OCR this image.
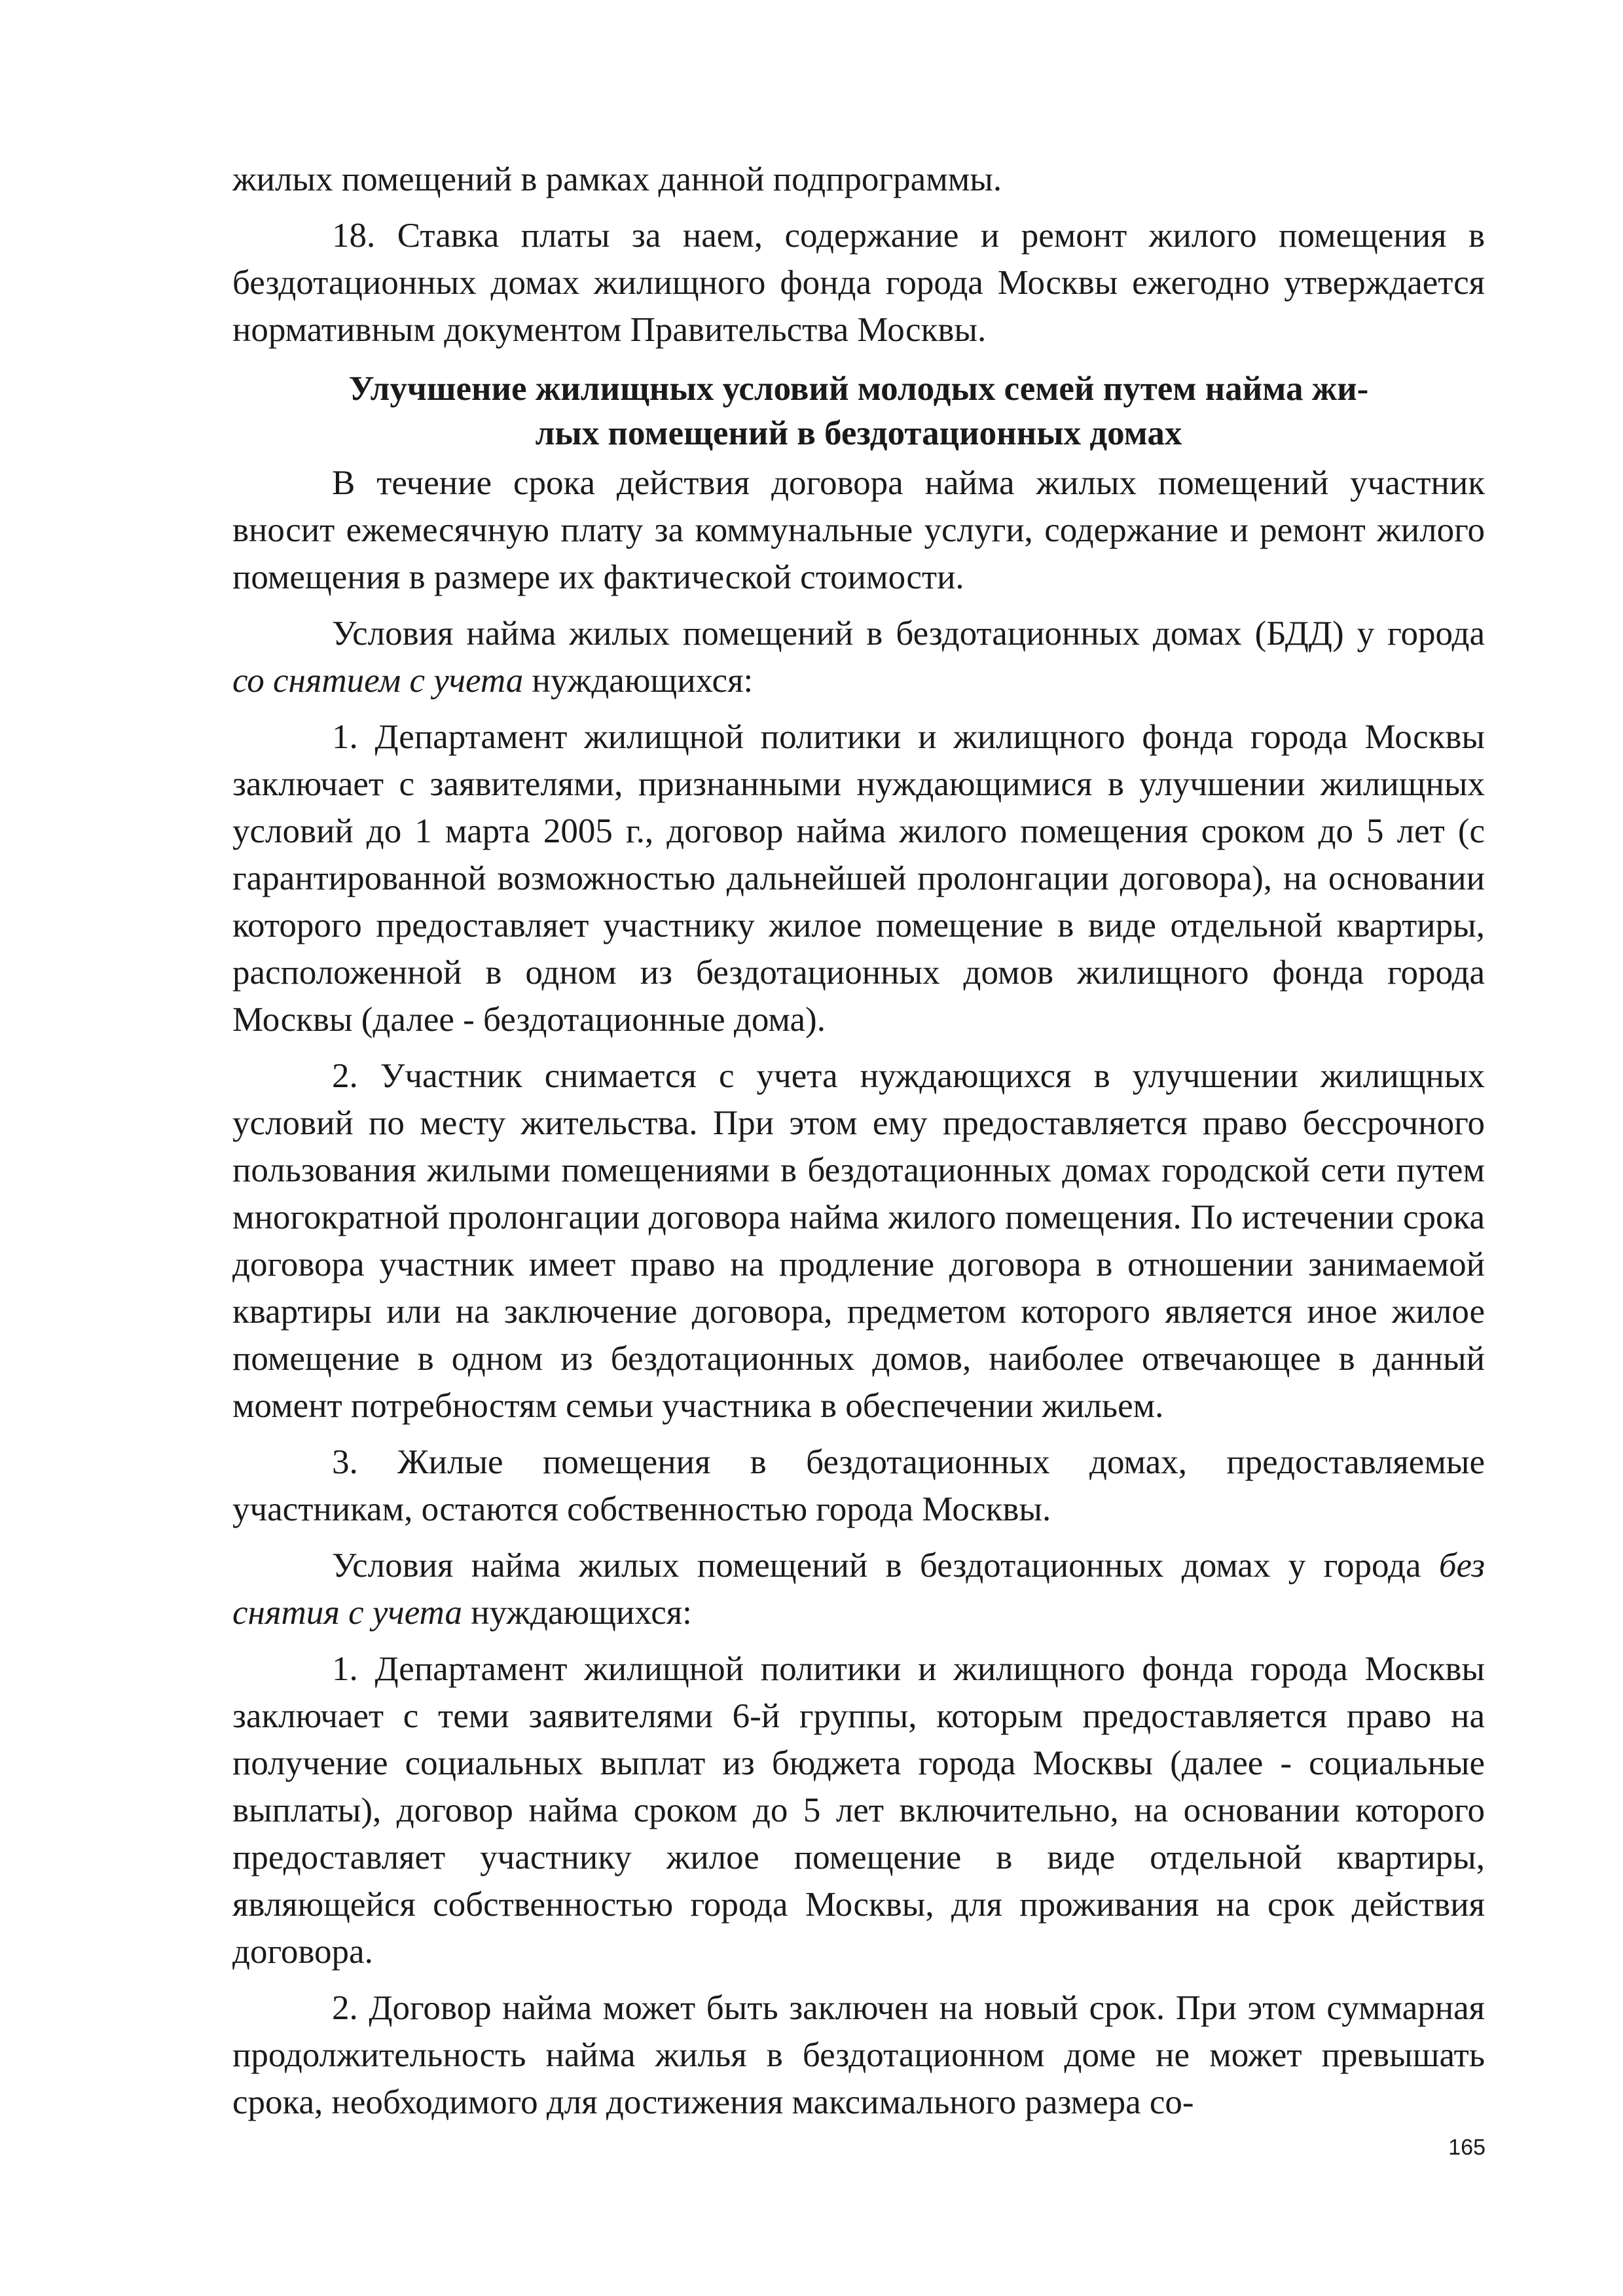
жилых помещений в рамках данной подпрограммы.

18. Ставка платы за наем, содержание и ремонт жилого помещения в бездотационных домах жилищного фонда города Москвы ежегодно утверждается нормативным документом Правительства Москвы.

Улучшение жилищных условий молодых семей путем найма жи-
лых помещений в бездотационных домах

В течение срока действия договора найма жилых помещений участник вносит ежемесячную плату за коммунальные услуги, содержание и ремонт жилого помещения в размере их фактической стоимости.

Условия найма жилых помещений в бездотационных домах (БДД) у города со снятием с учета нуждающихся:

1. Департамент жилищной политики и жилищного фонда города Москвы заключает с заявителями, признанными нуждающимися в улучшении жилищных условий до 1 марта 2005 г., договор найма жилого помещения сроком до 5 лет (с гарантированной возможностью дальнейшей пролонгации договора), на основании которого предоставляет участнику жилое помещение в виде отдельной квартиры, расположенной в одном из бездотационных домов жилищного фонда города Москвы (далее - бездотационные дома).

2. Участник снимается с учета нуждающихся в улучшении жилищных условий по месту жительства. При этом ему предоставляется право бессрочного пользования жилыми помещениями в бездотационных домах городской сети путем многократной пролонгации договора найма жилого помещения. По истечении срока договора участник имеет право на продление договора в отношении занимаемой квартиры или на заключение договора, предметом которого является иное жилое помещение в одном из бездотационных домов, наиболее отвечающее в данный момент потребностям семьи участника в обеспечении жильем.

3. Жилые помещения в бездотационных домах, предоставляемые участникам, остаются собственностью города Москвы.

Условия найма жилых помещений в бездотационных домах у города без снятия с учета нуждающихся:

1. Департамент жилищной политики и жилищного фонда города Москвы заключает с теми заявителями 6-й группы, которым предоставляется право на получение социальных выплат из бюджета города Москвы (далее - социальные выплаты), договор найма сроком до 5 лет включительно, на основании которого предоставляет участнику жилое помещение в виде отдельной квартиры, являющейся собственностью города Москвы, для проживания на срок действия договора.

2. Договор найма может быть заключен на новый срок. При этом суммарная продолжительность найма жилья в бездотационном доме не может превышать срока, необходимого для достижения максимального размера со-

165
